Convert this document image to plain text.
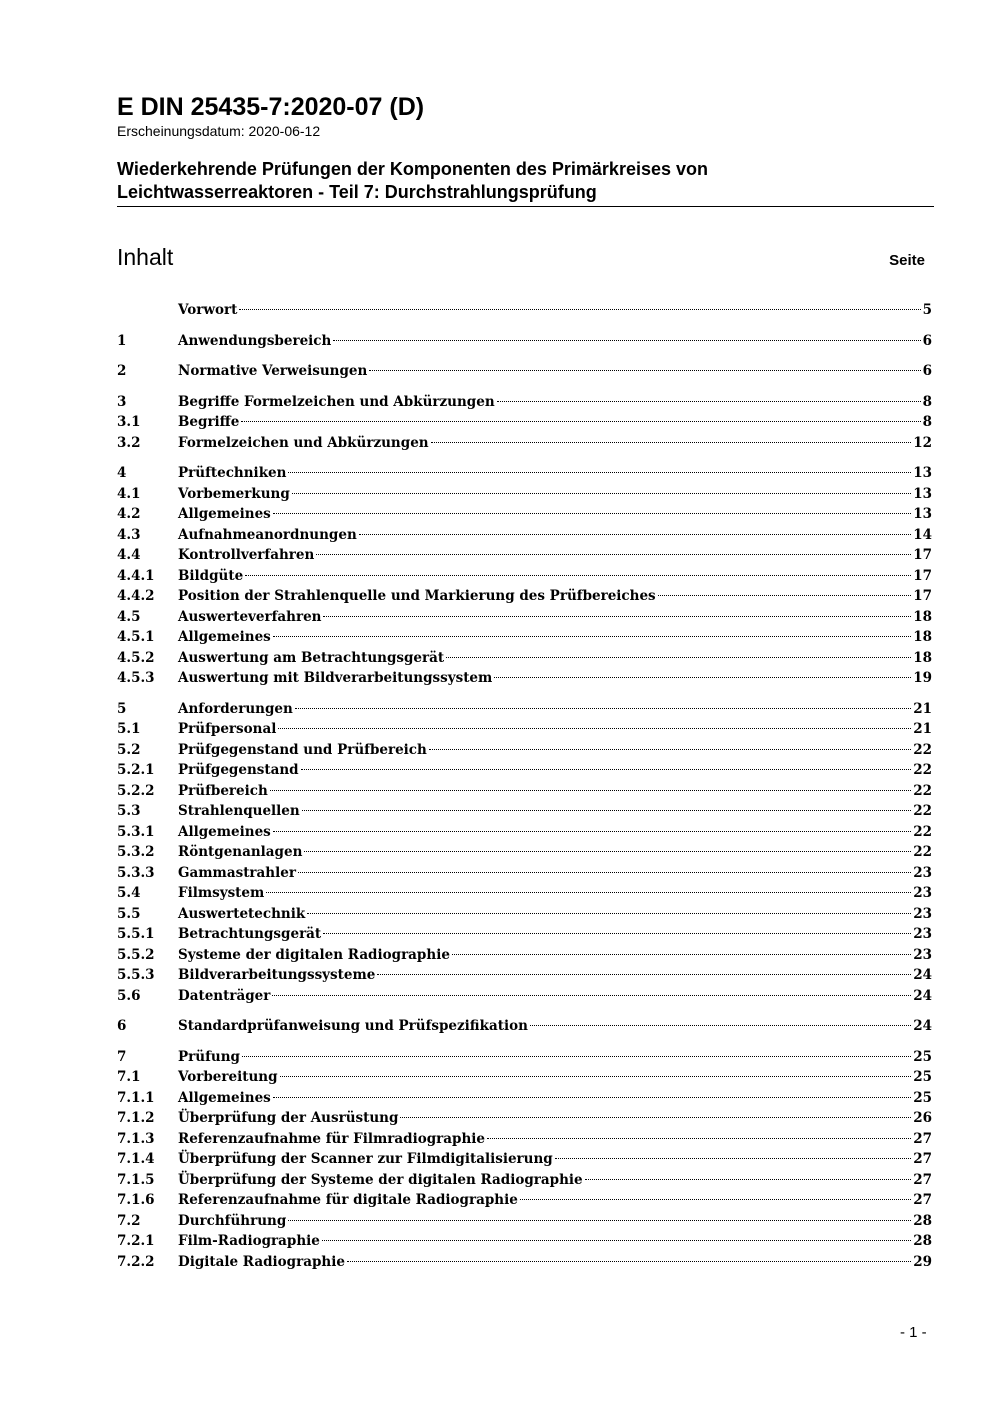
E DIN 25435-7:2020-07 (D)

Erscheinungsdatum: 2020-06-12

Wiederkehrende Prüfungen der Komponenten des Primärkreises von
Leichtwasserreaktoren - Teil 7: Durchstrahlungsprüfung
Inhalt	Seite
Vorwort	5
1	Anwendungsbereich	6
2	Normative Verweisungen	6
3	Begriffe Formelzeichen und Abkürzungen	8
3.1	Begriffe	8
3.2	Formelzeichen und Abkürzungen	12
4	Prüftechniken	13
4.1	Vorbemerkung	13
4.2	Allgemeines	13
4.3	Aufnahmeanordnungen	14
4.4	Kontrollverfahren	17
4.4.1	Bildgüte	17
4.4.2	Position der Strahlenquelle und Markierung des Prüfbereiches	17
4.5	Auswerteverfahren	18
4.5.1	Allgemeines	18
4.5.2	Auswertung am Betrachtungsgerät	18
4.5.3	Auswertung mit Bildverarbeitungssystem	19
5	Anforderungen	21
5.1	Prüfpersonal	21
5.2	Prüfgegenstand und Prüfbereich	22
5.2.1	Prüfgegenstand	22
5.2.2	Prüfbereich	22
5.3	Strahlenquellen	22
5.3.1	Allgemeines	22
5.3.2	Röntgenanlagen	22
5.3.3	Gammastrahler	23
5.4	Filmsystem	23
5.5	Auswertetechnik	23
5.5.1	Betrachtungsgerät	23
5.5.2	Systeme der digitalen Radiographie	23
5.5.3	Bildverarbeitungssysteme	24
5.6	Datenträger	24
6	Standardprüfanweisung und Prüfspezifikation	24
7	Prüfung	25
7.1	Vorbereitung	25
7.1.1	Allgemeines	25
7.1.2	Überprüfung der Ausrüstung	26
7.1.3	Referenzaufnahme für Filmradiographie	27
7.1.4	Überprüfung der Scanner zur Filmdigitalisierung	27
7.1.5	Überprüfung der Systeme der digitalen Radiographie	27
7.1.6	Referenzaufnahme für digitale Radiographie	27
7.2	Durchführung	28
7.2.1	Film-Radiographie	28
7.2.2	Digitale Radiographie	29
- 1 -
